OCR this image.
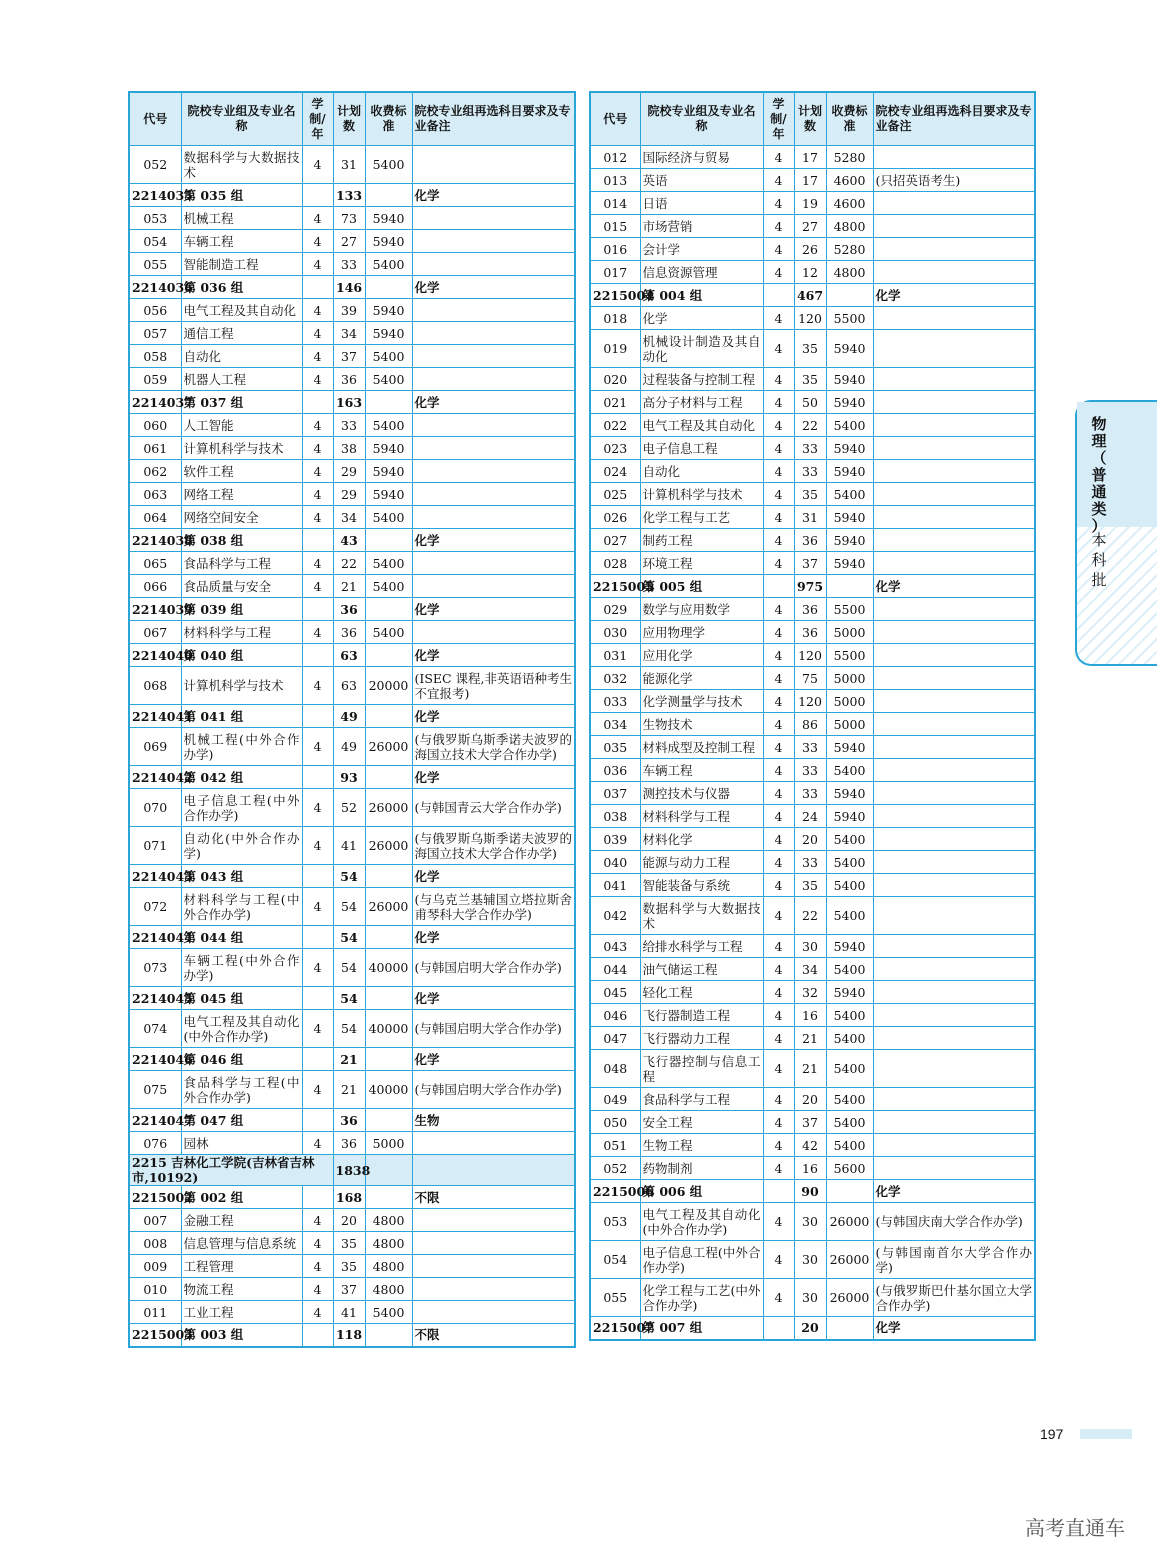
代号	院校专业组及专业名称	学制/年	计划数	收费标准	院校专业组再选科目要求及专业备注
052	数据科学与大数据技术	4	31	5400	
2214035	第 035 组		133		化学
053	机械工程	4	73	5940	
054	车辆工程	4	27	5940	
055	智能制造工程	4	33	5400	
2214036	第 036 组		146		化学
056	电气工程及其自动化	4	39	5940	
057	通信工程	4	34	5940	
058	自动化	4	37	5400	
059	机器人工程	4	36	5400	
2214037	第 037 组		163		化学
060	人工智能	4	33	5400	
061	计算机科学与技术	4	38	5940	
062	软件工程	4	29	5940	
063	网络工程	4	29	5940	
064	网络空间安全	4	34	5400	
2214038	第 038 组		43		化学
065	食品科学与工程	4	22	5400	
066	食品质量与安全	4	21	5400	
2214039	第 039 组		36		化学
067	材料科学与工程	4	36	5400	
2214040	第 040 组		63		化学
068	计算机科学与技术	4	63	20000	(ISEC 课程,非英语语种考生不宜报考)
2214041	第 041 组		49		化学
069	机械工程(中外合作办学)	4	49	26000	(与俄罗斯乌斯季诺夫波罗的海国立技术大学合作办学)
2214042	第 042 组		93		化学
070	电子信息工程(中外合作办学)	4	52	26000	(与韩国青云大学合作办学)
071	自动化(中外合作办学)	4	41	26000	(与俄罗斯乌斯季诺夫波罗的海国立技术大学合作办学)
2214043	第 043 组		54		化学
072	材料科学与工程(中外合作办学)	4	54	26000	(与乌克兰基辅国立塔拉斯舍甫琴科大学合作办学)
2214044	第 044 组		54		化学
073	车辆工程(中外合作办学)	4	54	40000	(与韩国启明大学合作办学)
2214045	第 045 组		54		化学
074	电气工程及其自动化(中外合作办学)	4	54	40000	(与韩国启明大学合作办学)
2214046	第 046 组		21		化学
075	食品科学与工程(中外合作办学)	4	21	40000	(与韩国启明大学合作办学)
2214047	第 047 组		36		生物
076	园林	4	36	5000	
2215 吉林化工学院(吉林省吉林市,10192)			1838		
2215002	第 002 组		168		不限
007	金融工程	4	20	4800	
008	信息管理与信息系统	4	35	4800	
009	工程管理	4	35	4800	
010	物流工程	4	37	4800	
011	工业工程	4	41	5400	
2215003	第 003 组		118		不限
代号	院校专业组及专业名称	学制/年	计划数	收费标准	院校专业组再选科目要求及专业备注
012	国际经济与贸易	4	17	5280	
013	英语	4	17	4600	(只招英语考生)
014	日语	4	19	4600	
015	市场营销	4	27	4800	
016	会计学	4	26	5280	
017	信息资源管理	4	12	4800	
2215004	第 004 组		467		化学
018	化学	4	120	5500	
019	机械设计制造及其自动化	4	35	5940	
020	过程装备与控制工程	4	35	5940	
021	高分子材料与工程	4	50	5940	
022	电气工程及其自动化	4	22	5400	
023	电子信息工程	4	33	5940	
024	自动化	4	33	5940	
025	计算机科学与技术	4	35	5400	
026	化学工程与工艺	4	31	5940	
027	制药工程	4	36	5940	
028	环境工程	4	37	5940	
2215005	第 005 组		975		化学
029	数学与应用数学	4	36	5500	
030	应用物理学	4	36	5000	
031	应用化学	4	120	5500	
032	能源化学	4	75	5000	
033	化学测量学与技术	4	120	5000	
034	生物技术	4	86	5000	
035	材料成型及控制工程	4	33	5940	
036	车辆工程	4	33	5400	
037	测控技术与仪器	4	33	5940	
038	材料科学与工程	4	24	5940	
039	材料化学	4	20	5400	
040	能源与动力工程	4	33	5400	
041	智能装备与系统	4	35	5400	
042	数据科学与大数据技术	4	22	5400	
043	给排水科学与工程	4	30	5940	
044	油气储运工程	4	34	5400	
045	轻化工程	4	32	5940	
046	飞行器制造工程	4	16	5400	
047	飞行器动力工程	4	21	5400	
048	飞行器控制与信息工程	4	21	5400	
049	食品科学与工程	4	20	5400	
050	安全工程	4	37	5400	
051	生物工程	4	42	5400	
052	药物制剂	4	16	5600	
2215006	第 006 组		90		化学
053	电气工程及其自动化(中外合作办学)	4	30	26000	(与韩国庆南大学合作办学)
054	电子信息工程(中外合作办学)	4	30	26000	(与韩国南首尔大学合作办学)
055	化学工程与工艺(中外合作办学)	4	30	26000	(与俄罗斯巴什基尔国立大学合作办学)
2215007	第 007 组		20		化学
物理（普通类）
本科批
197
高考直通车
